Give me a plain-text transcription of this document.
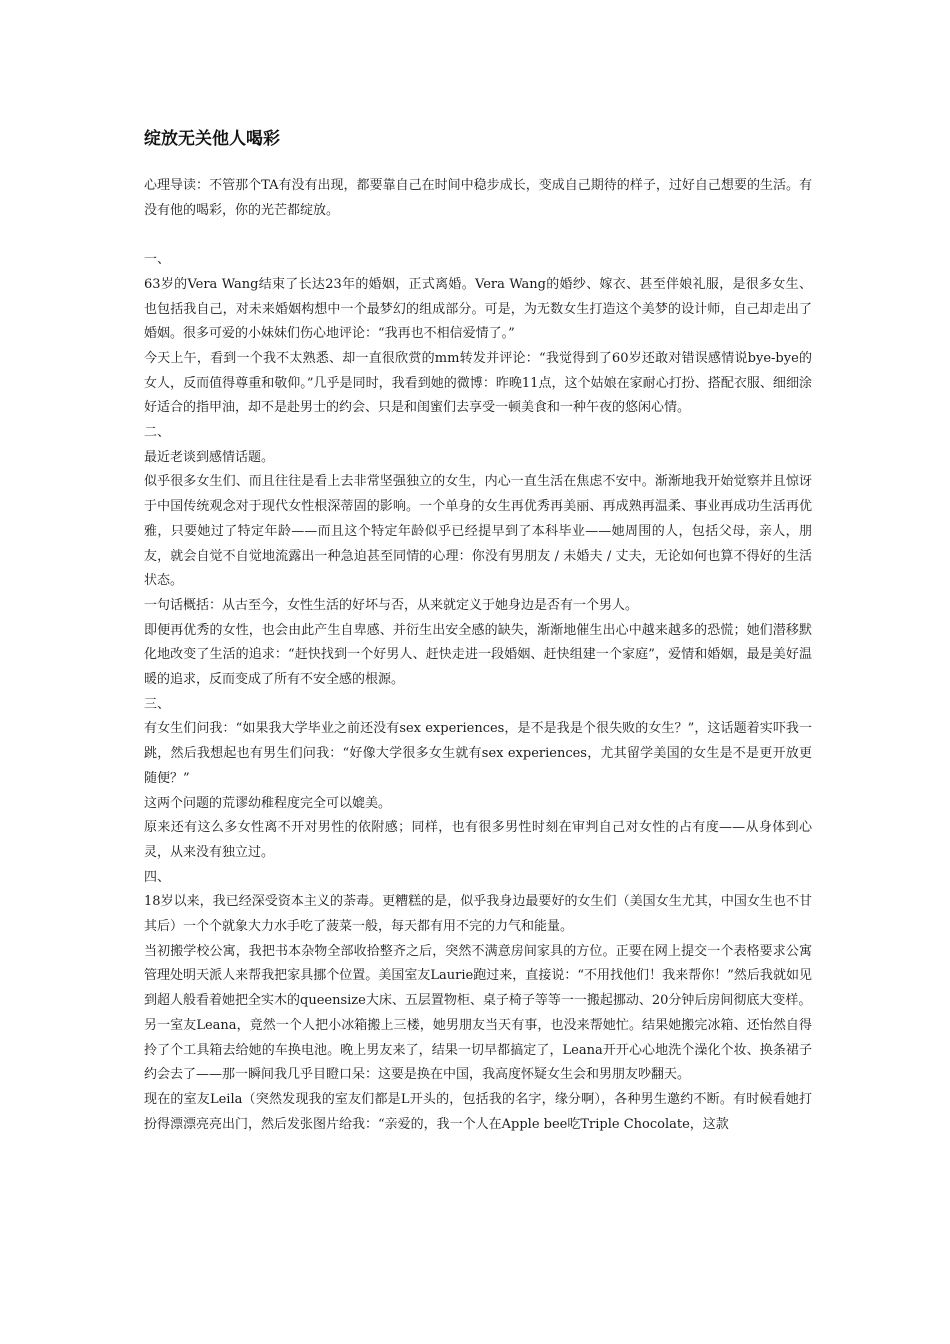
绽放无关他人喝彩

心理导读：不管那个TA有没有出现，都要靠自己在时间中稳步成长，变成自己期待的样子，过好自己想要的生活。有没有他的喝彩，你的光芒都绽放。

一、

63岁的Vera Wang结束了长达23年的婚姻，正式离婚。Vera Wang的婚纱、嫁衣、甚至伴娘礼服，是很多女生、也包括我自己，对未来婚姻构想中一个最梦幻的组成部分。可是，为无数女生打造这个美梦的设计师，自己却走出了婚姻。很多可爱的小妹妹们伤心地评论：“我再也不相信爱情了。”

今天上午，看到一个我不太熟悉、却一直很欣赏的mm转发并评论：“我觉得到了60岁还敢对错误感情说bye-bye的女人，反而值得尊重和敬仰。”几乎是同时，我看到她的微博：昨晚11点，这个姑娘在家耐心打扮、搭配衣服、细细涂好适合的指甲油，却不是赴男士的约会、只是和闺蜜们去享受一顿美食和一种午夜的悠闲心情。

二、

最近老谈到感情话题。

似乎很多女生们、而且往往是看上去非常坚强独立的女生，内心一直生活在焦虑不安中。渐渐地我开始觉察并且惊讶于中国传统观念对于现代女性根深蒂固的影响。一个单身的女生再优秀再美丽、再成熟再温柔、事业再成功生活再优雅，只要她过了特定年龄——而且这个特定年龄似乎已经提早到了本科毕业——她周围的人，包括父母，亲人，朋友，就会自觉不自觉地流露出一种急迫甚至同情的心理：你没有男朋友 / 未婚夫 / 丈夫，无论如何也算不得好的生活状态。

一句话概括：从古至今，女性生活的好坏与否，从来就定义于她身边是否有一个男人。

即便再优秀的女性，也会由此产生自卑感、并衍生出安全感的缺失，渐渐地催生出心中越来越多的恐慌；她们潜移默化地改变了生活的追求：“赶快找到一个好男人、赶快走进一段婚姻、赶快组建一个家庭”，爱情和婚姻，最是美好温暖的追求，反而变成了所有不安全感的根源。

三、

有女生们问我：“如果我大学毕业之前还没有sex experiences，是不是我是个很失败的女生？”，这话题着实吓我一跳，然后我想起也有男生们问我：“好像大学很多女生就有sex experiences，尤其留学美国的女生是不是更开放更随便？”

这两个问题的荒谬幼稚程度完全可以媲美。

原来还有这么多女性离不开对男性的依附感；同样，也有很多男性时刻在审判自己对女性的占有度——从身体到心灵，从来没有独立过。

四、

18岁以来，我已经深受资本主义的荼毒。更糟糕的是，似乎我身边最要好的女生们（美国女生尤其，中国女生也不甘其后）一个个就象大力水手吃了菠菜一般，每天都有用不完的力气和能量。

当初搬学校公寓，我把书本杂物全部收拾整齐之后，突然不满意房间家具的方位。正要在网上提交一个表格要求公寓管理处明天派人来帮我把家具挪个位置。美国室友Laurie跑过来，直接说：“不用找他们！我来帮你！”然后我就如见到超人般看着她把全实木的queensize大床、五层置物柜、桌子椅子等等一一搬起挪动、20分钟后房间彻底大变样。

另一室友Leana，竟然一个人把小冰箱搬上三楼，她男朋友当天有事，也没来帮她忙。结果她搬完冰箱、还怡然自得拎了个工具箱去给她的车换电池。晚上男友来了，结果一切早都搞定了，Leana开开心心地洗个澡化个妆、换条裙子约会去了——那一瞬间我几乎目瞪口呆：这要是换在中国，我高度怀疑女生会和男朋友吵翻天。

现在的室友Leila（突然发现我的室友们都是L开头的，包括我的名字，缘分啊），各种男生邀约不断。有时候看她打扮得漂漂亮亮出门，然后发张图片给我：“亲爱的，我一个人在Apple bee吃Triple Chocolate，这款
